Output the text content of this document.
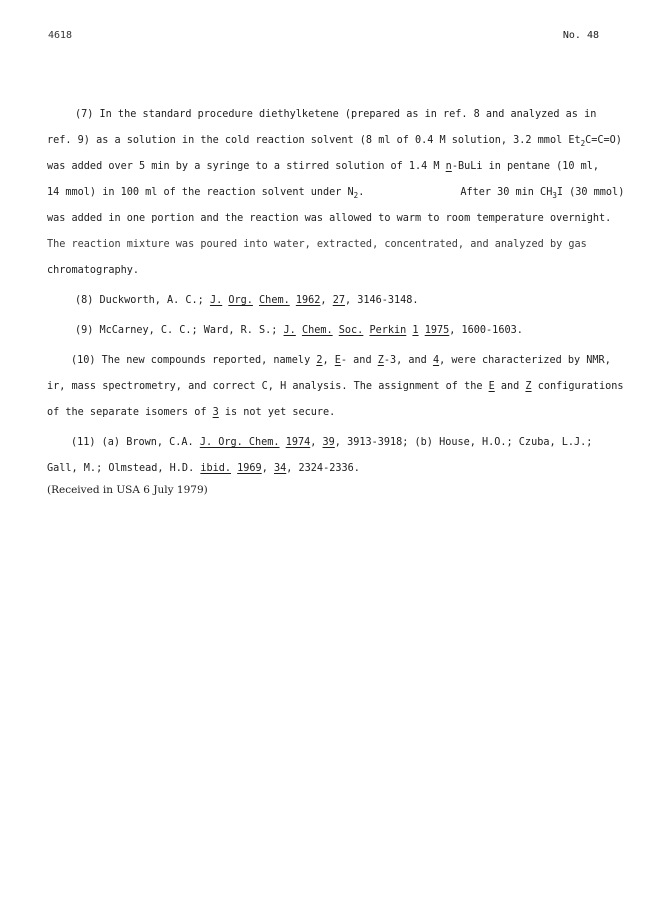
4618	No. 48
(7) In the standard procedure diethylketene (prepared as in ref. 8 and analyzed as in
ref. 9) as a solution in the cold reaction solvent (8 ml of 0.4 M solution, 3.2 mmol $Et_2C=C=O$)
was added over 5 min by a syringe to a stirred solution of 1.4 M n-BuLi in pentane (10 ml,
14 mmol) in 100 ml of the reaction solvent under $N_2$.	After 30 $\min CH_3I$ (30 mmol)
was added in one portion and the reaction was allowed to warm to room temperature overnight.
The reaction mixture was poured into water, extracted, concentrated, and analyzed by gas
chromatography.
(8) Duckworth, A. C.; J. Org. Chem. 1962, 27, 3146-3148.
(9) McCarney, C. C.; Ward, R. S.; J. Chem. Soc. Perkin 1 1975, 1600-1603.
(10) The new compounds reported, namely 2, E- and Z-3, and 4, were characterized by NMR,
ir, mass spectrometry, and correct C, H analysis. The assignment of the E and Z configurations
of the separate isomers of 3 is not yet secure.
(11) (a) Brown, C.A. J. Org. Chem. 1974, 39, 3913-3918; (b) House, H.O.; Czuba, L.J.;
Gall, M.; Olmstead, H.D. ibid. 1969, 34, 2324-2336.
(Received in USA 6 July 1979)
